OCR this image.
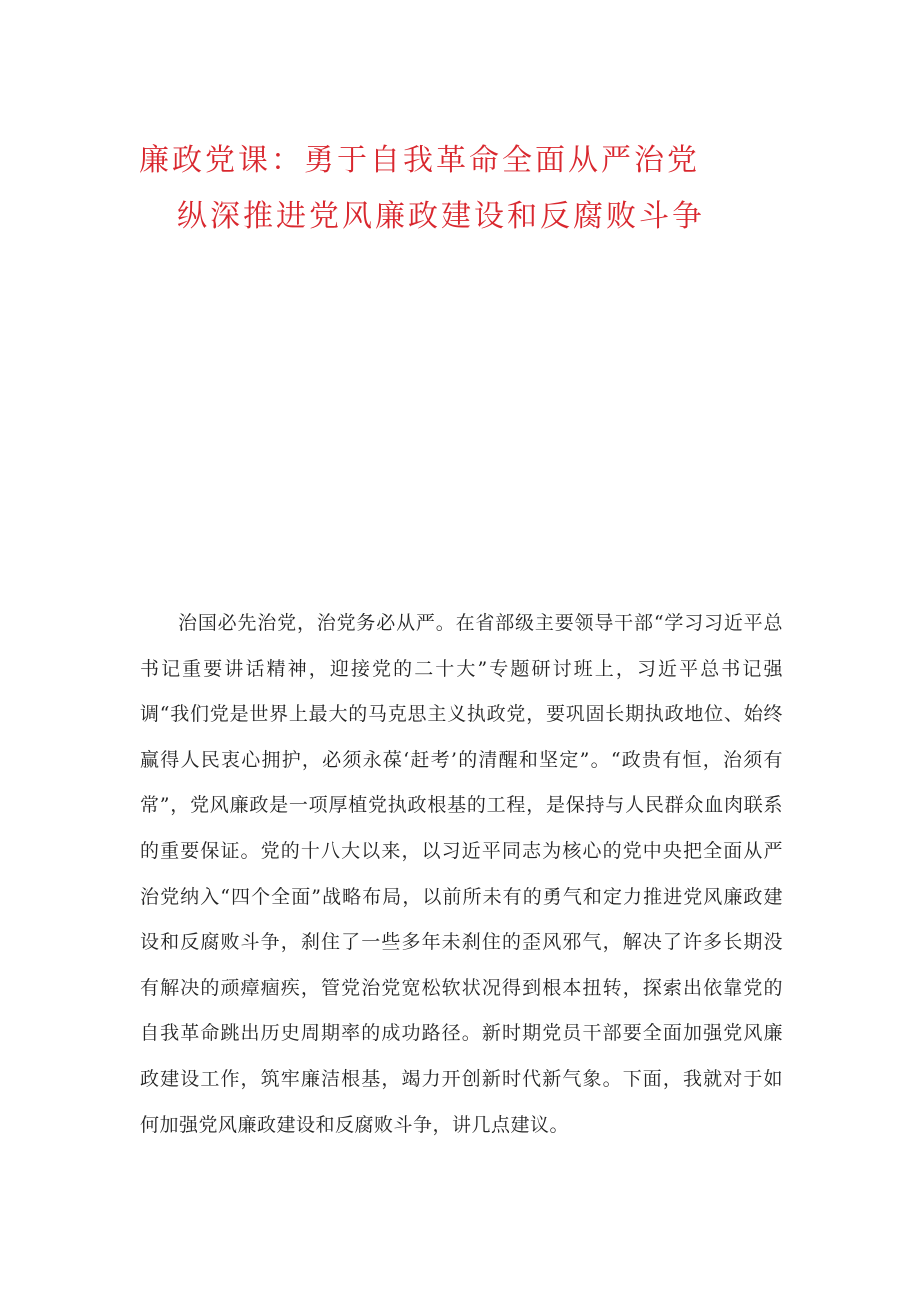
廉政党课：勇于自我革命全面从严治党
纵深推进党风廉政建设和反腐败斗争

治国必先治党，治党务必从严。在省部级主要领导干部“学习习近平总书记重要讲话精神，迎接党的二十大”专题研讨班上，习近平总书记强调“我们党是世界上最大的马克思主义执政党，要巩固长期执政地位、始终赢得人民衷心拥护，必须永葆‘赶考’的清醒和坚定”。“政贵有恒，治须有常”，党风廉政是一项厚植党执政根基的工程，是保持与人民群众血肉联系的重要保证。党的十八大以来，以习近平同志为核心的党中央把全面从严治党纳入“四个全面”战略布局，以前所未有的勇气和定力推进党风廉政建设和反腐败斗争，刹住了一些多年未刹住的歪风邪气，解决了许多长期没有解决的顽瘴痼疾，管党治党宽松软状况得到根本扭转，探索出依靠党的自我革命跳出历史周期率的成功路径。新时期党员干部要全面加强党风廉政建设工作，筑牢廉洁根基，竭力开创新时代新气象。下面，我就对于如何加强党风廉政建设和反腐败斗争，讲几点建议。
